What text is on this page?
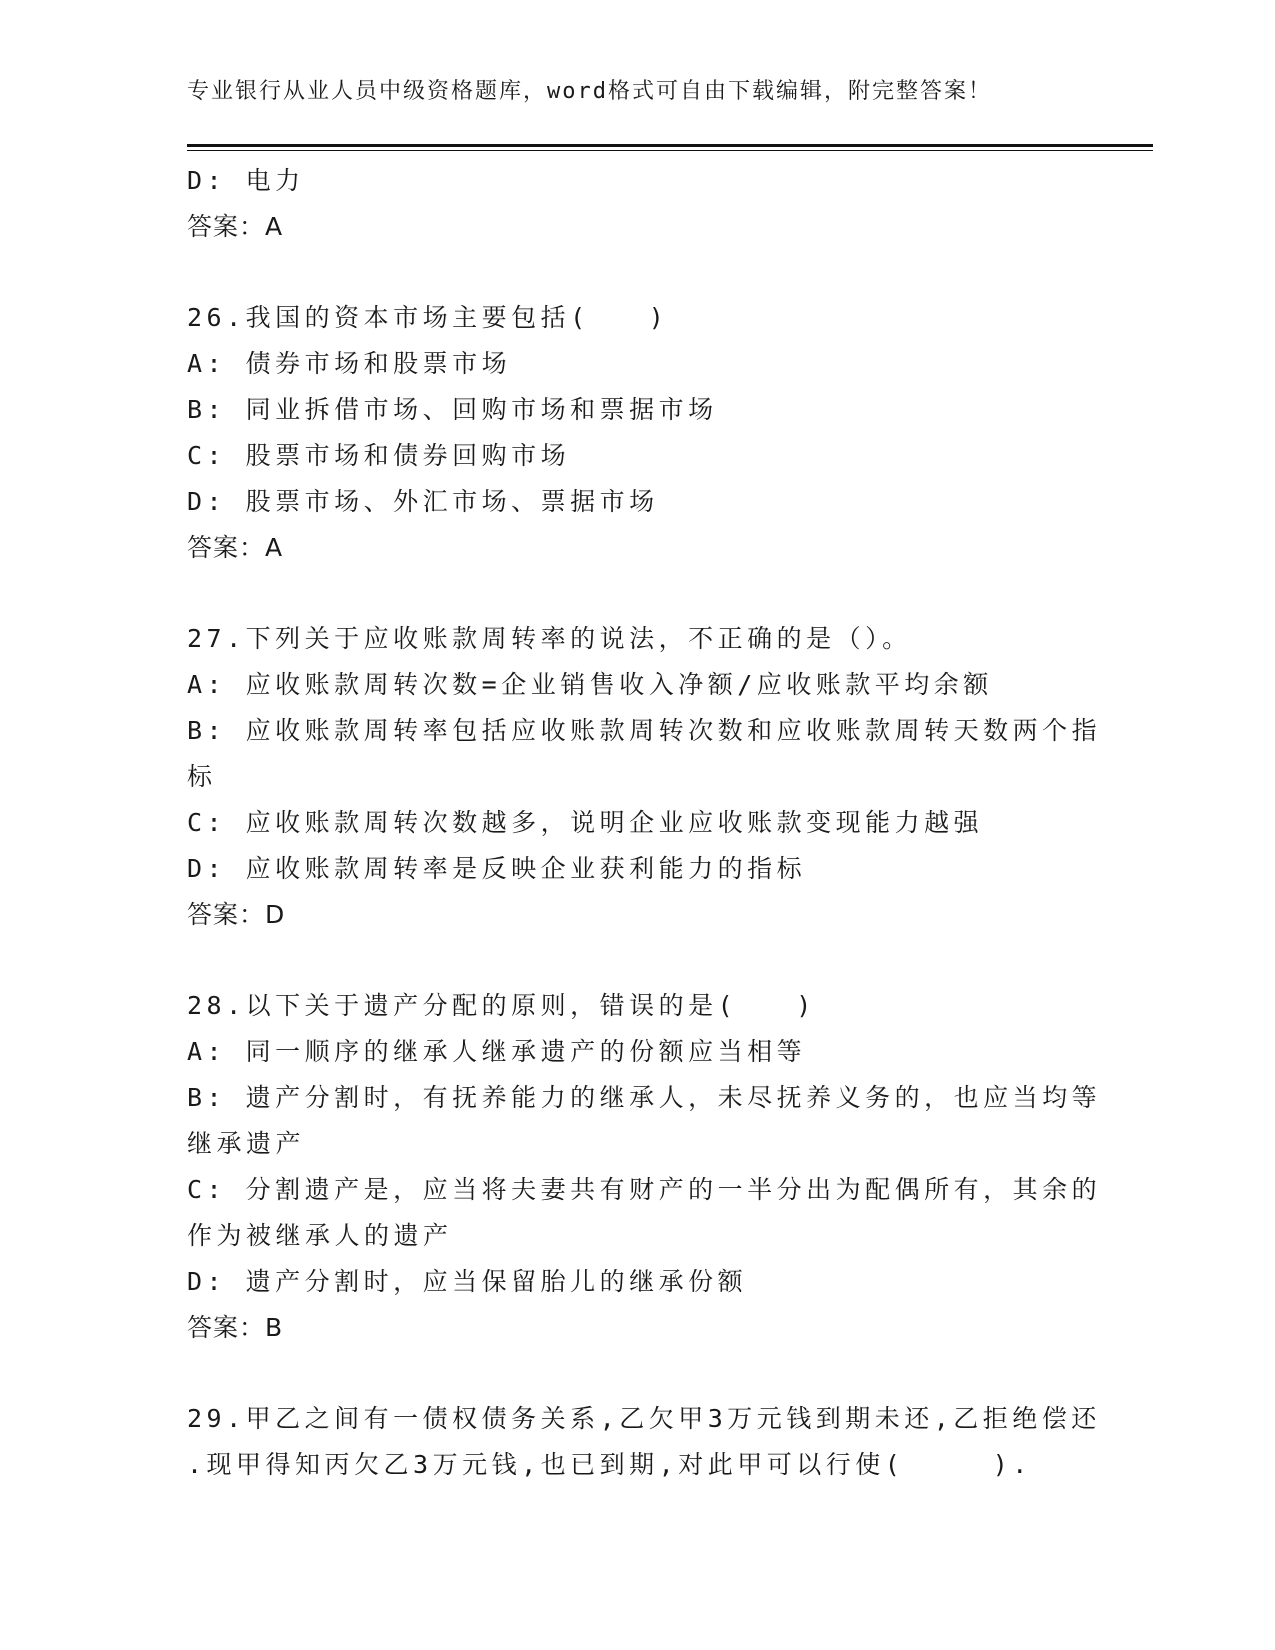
专业银行从业人员中级资格题库，word格式可自由下载编辑，附完整答案！
D: 电力
答案：A
26.我国的资本市场主要包括(　　)
A: 债券市场和股票市场
B: 同业拆借市场、回购市场和票据市场
C: 股票市场和债券回购市场
D: 股票市场、外汇市场、票据市场
答案：A
27.下列关于应收账款周转率的说法，不正确的是（）。
A: 应收账款周转次数=企业销售收入净额/应收账款平均余额
B: 应收账款周转率包括应收账款周转次数和应收账款周转天数两个指
标
C: 应收账款周转次数越多，说明企业应收账款变现能力越强
D: 应收账款周转率是反映企业获利能力的指标
答案：D
28.以下关于遗产分配的原则，错误的是(　　)
A: 同一顺序的继承人继承遗产的份额应当相等
B: 遗产分割时，有抚养能力的继承人，未尽抚养义务的，也应当均等
继承遗产
C: 分割遗产是，应当将夫妻共有财产的一半分出为配偶所有，其余的
作为被继承人的遗产
D: 遗产分割时，应当保留胎儿的继承份额
答案：B
29.甲乙之间有一债权债务关系,乙欠甲3万元钱到期未还,乙拒绝偿还
.现甲得知丙欠乙3万元钱,也已到期,对此甲可以行使(　　　).
